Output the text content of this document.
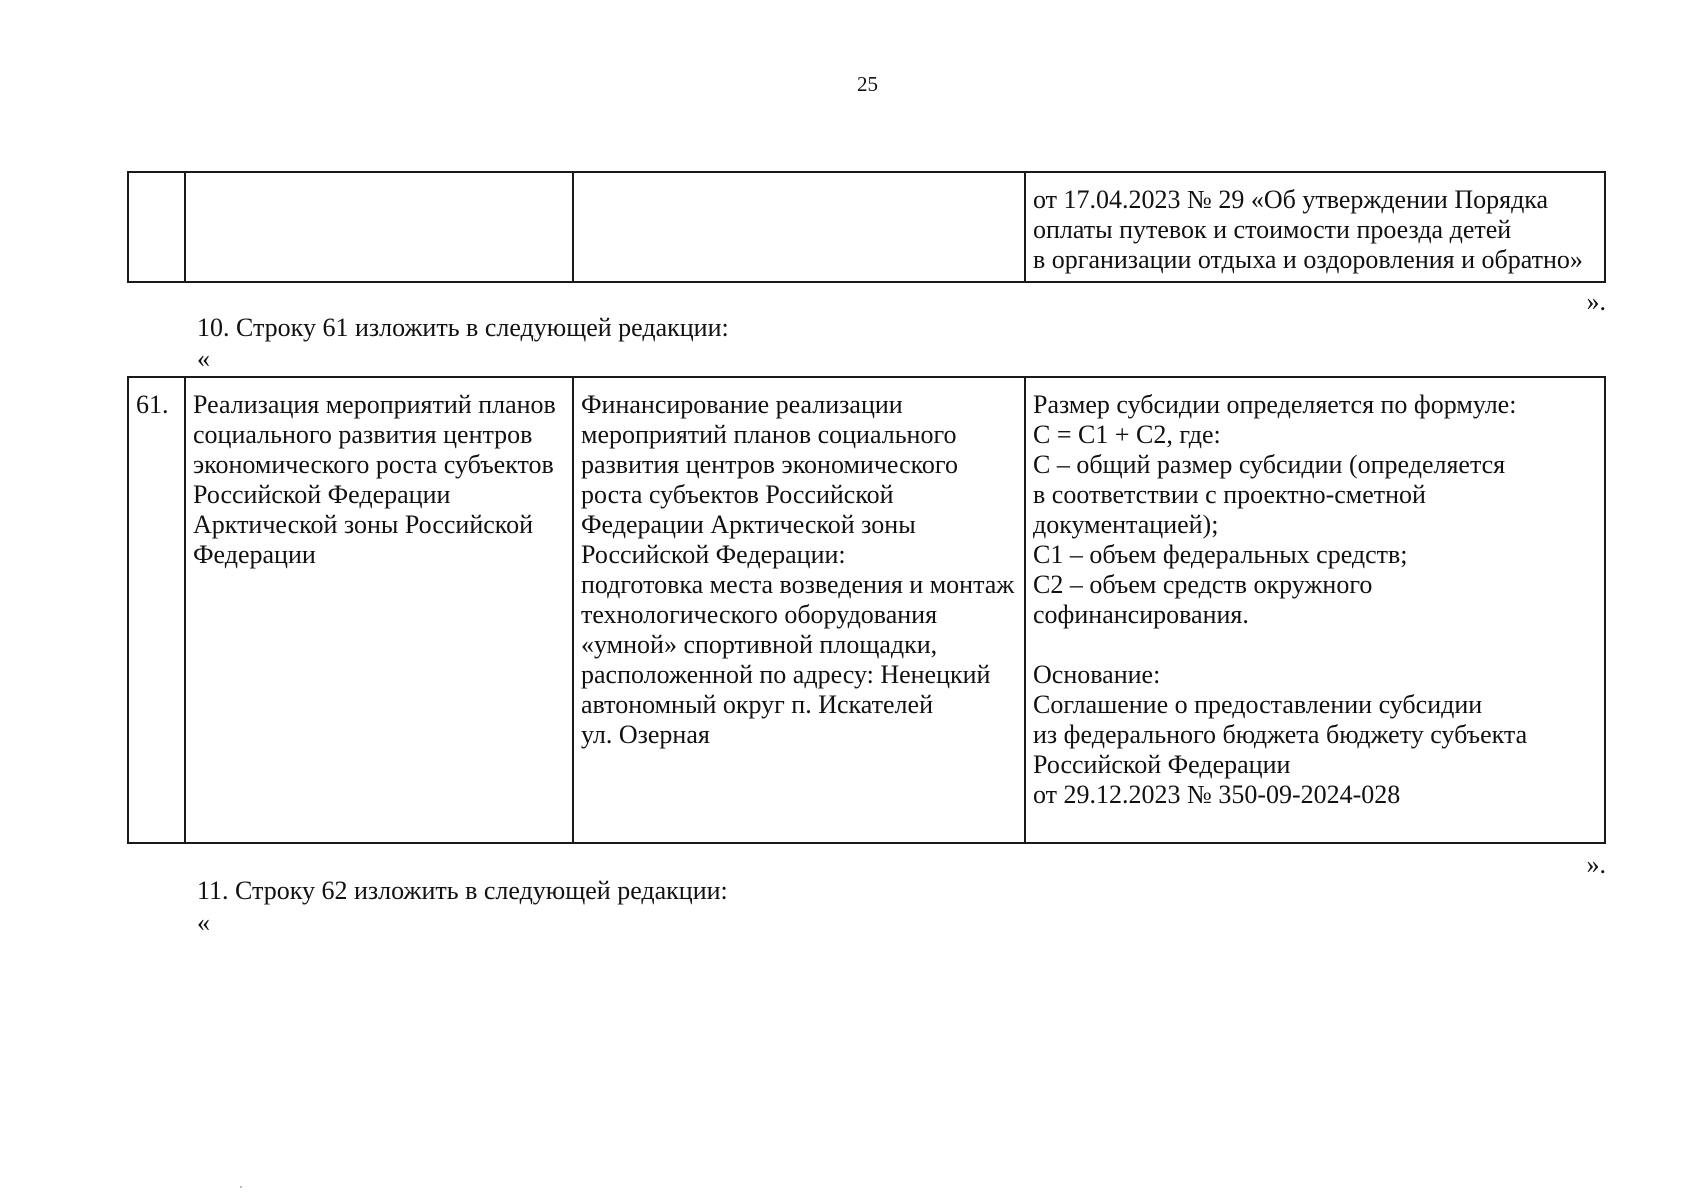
25
			от 17.04.2023 № 29 «Об утверждении Порядка
оплаты путевок и стоимости проезда детей
в организации отдыха и оздоровления и обратно»
».
10. Строку 61 изложить в следующей редакции:
«
61.	Реализация мероприятий планов
социального развития центров
экономического роста субъектов
Российской Федерации
Арктической зоны Российской
Федерации	Финансирование реализации
мероприятий планов социального
развития центров экономического
роста субъектов Российской
Федерации Арктической зоны
Российской Федерации:
подготовка места возведения и монтаж
технологического оборудования
«умной» спортивной площадки,
расположенной по адресу: Ненецкий
автономный округ п. Искателей
ул. Озерная	Размер субсидии определяется по формуле:
С = С1 + С2, где:
С – общий размер субсидии (определяется
в соответствии с проектно-сметной
документацией);
С1 – объем федеральных средств;
С2 – объем средств окружного
софинансирования.
Основание:
Соглашение о предоставлении субсидии
из федерального бюджета бюджету субъекта
Российской Федерации
от 29.12.2023 № 350-09-2024-028
».
11. Строку 62 изложить в следующей редакции:
«
